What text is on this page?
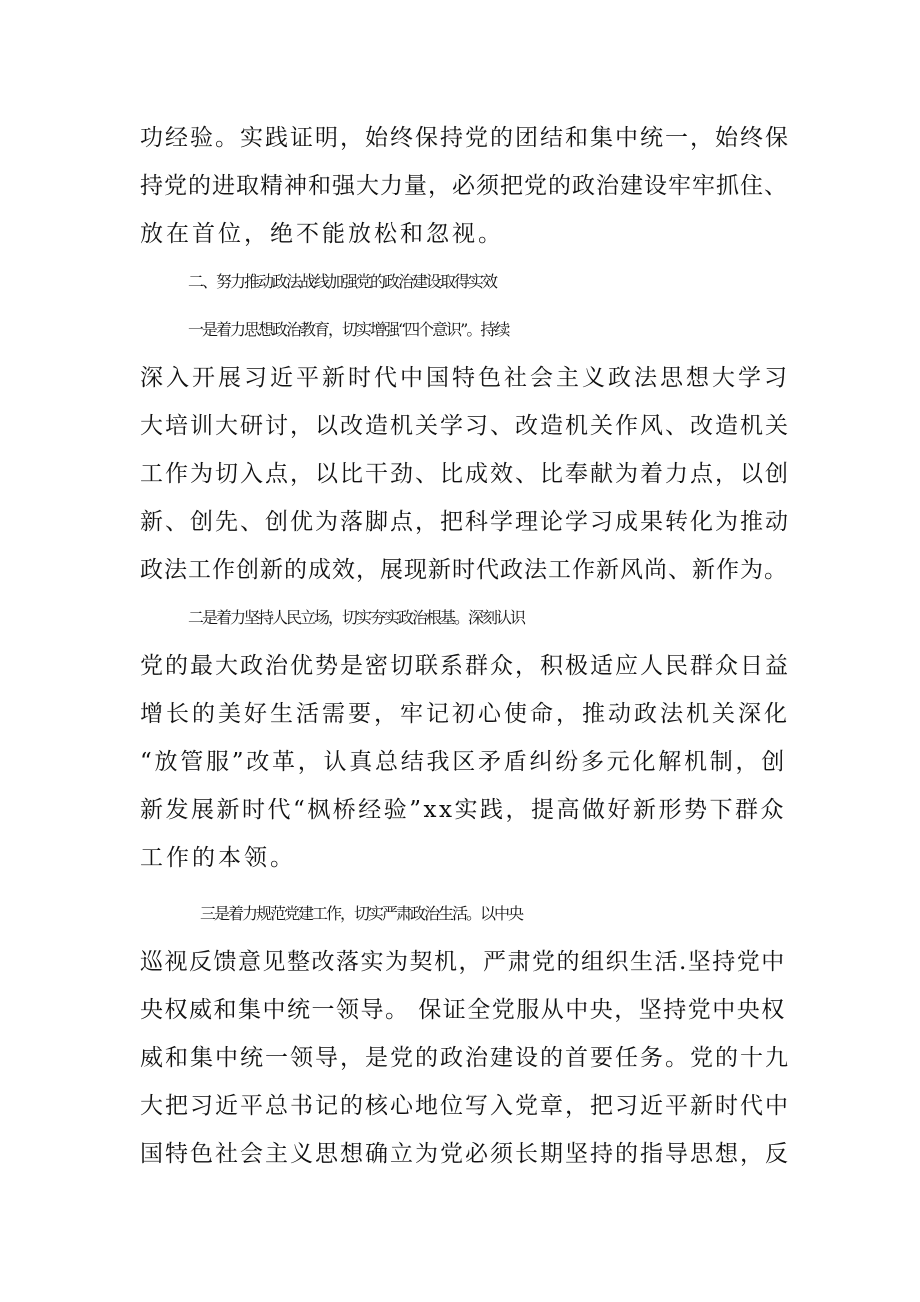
功经验。实践证明，始终保持党的团结和集中统一，始终保

持党的进取精神和强大力量，必须把党的政治建设牢牢抓住、

放在首位，绝不能放松和忽视。

二、努力推动政法战线加强党的政治建设取得实效

一是着力思想政治教育，切实增强“四个意识”。持续

深入开展习近平新时代中国特色社会主义政法思想大学习

大培训大研讨，以改造机关学习、改造机关作风、改造机关

工作为切入点，以比干劲、比成效、比奉献为着力点，以创

新、创先、创优为落脚点，把科学理论学习成果转化为推动

政法工作创新的成效，展现新时代政法工作新风尚、新作为。

二是着力坚持人民立场，切实夯实政治根基。深刻认识

党的最大政治优势是密切联系群众，积极适应人民群众日益

增长的美好生活需要，牢记初心使命，推动政法机关深化

“放管服”改革，认真总结我区矛盾纠纷多元化解机制，创

新发展新时代“枫桥经验”xx实践，提高做好新形势下群众

工作的本领。

三是着力规范党建工作，切实严肃政治生活。以中央

巡视反馈意见整改落实为契机，严肃党的组织生活.坚持党中

央权威和集中统一领导。 保证全党服从中央，坚持党中央权

威和集中统一领导，是党的政治建设的首要任务。党的十九

大把习近平总书记的核心地位写入党章，把习近平新时代中

国特色社会主义思想确立为党必须长期坚持的指导思想，反
